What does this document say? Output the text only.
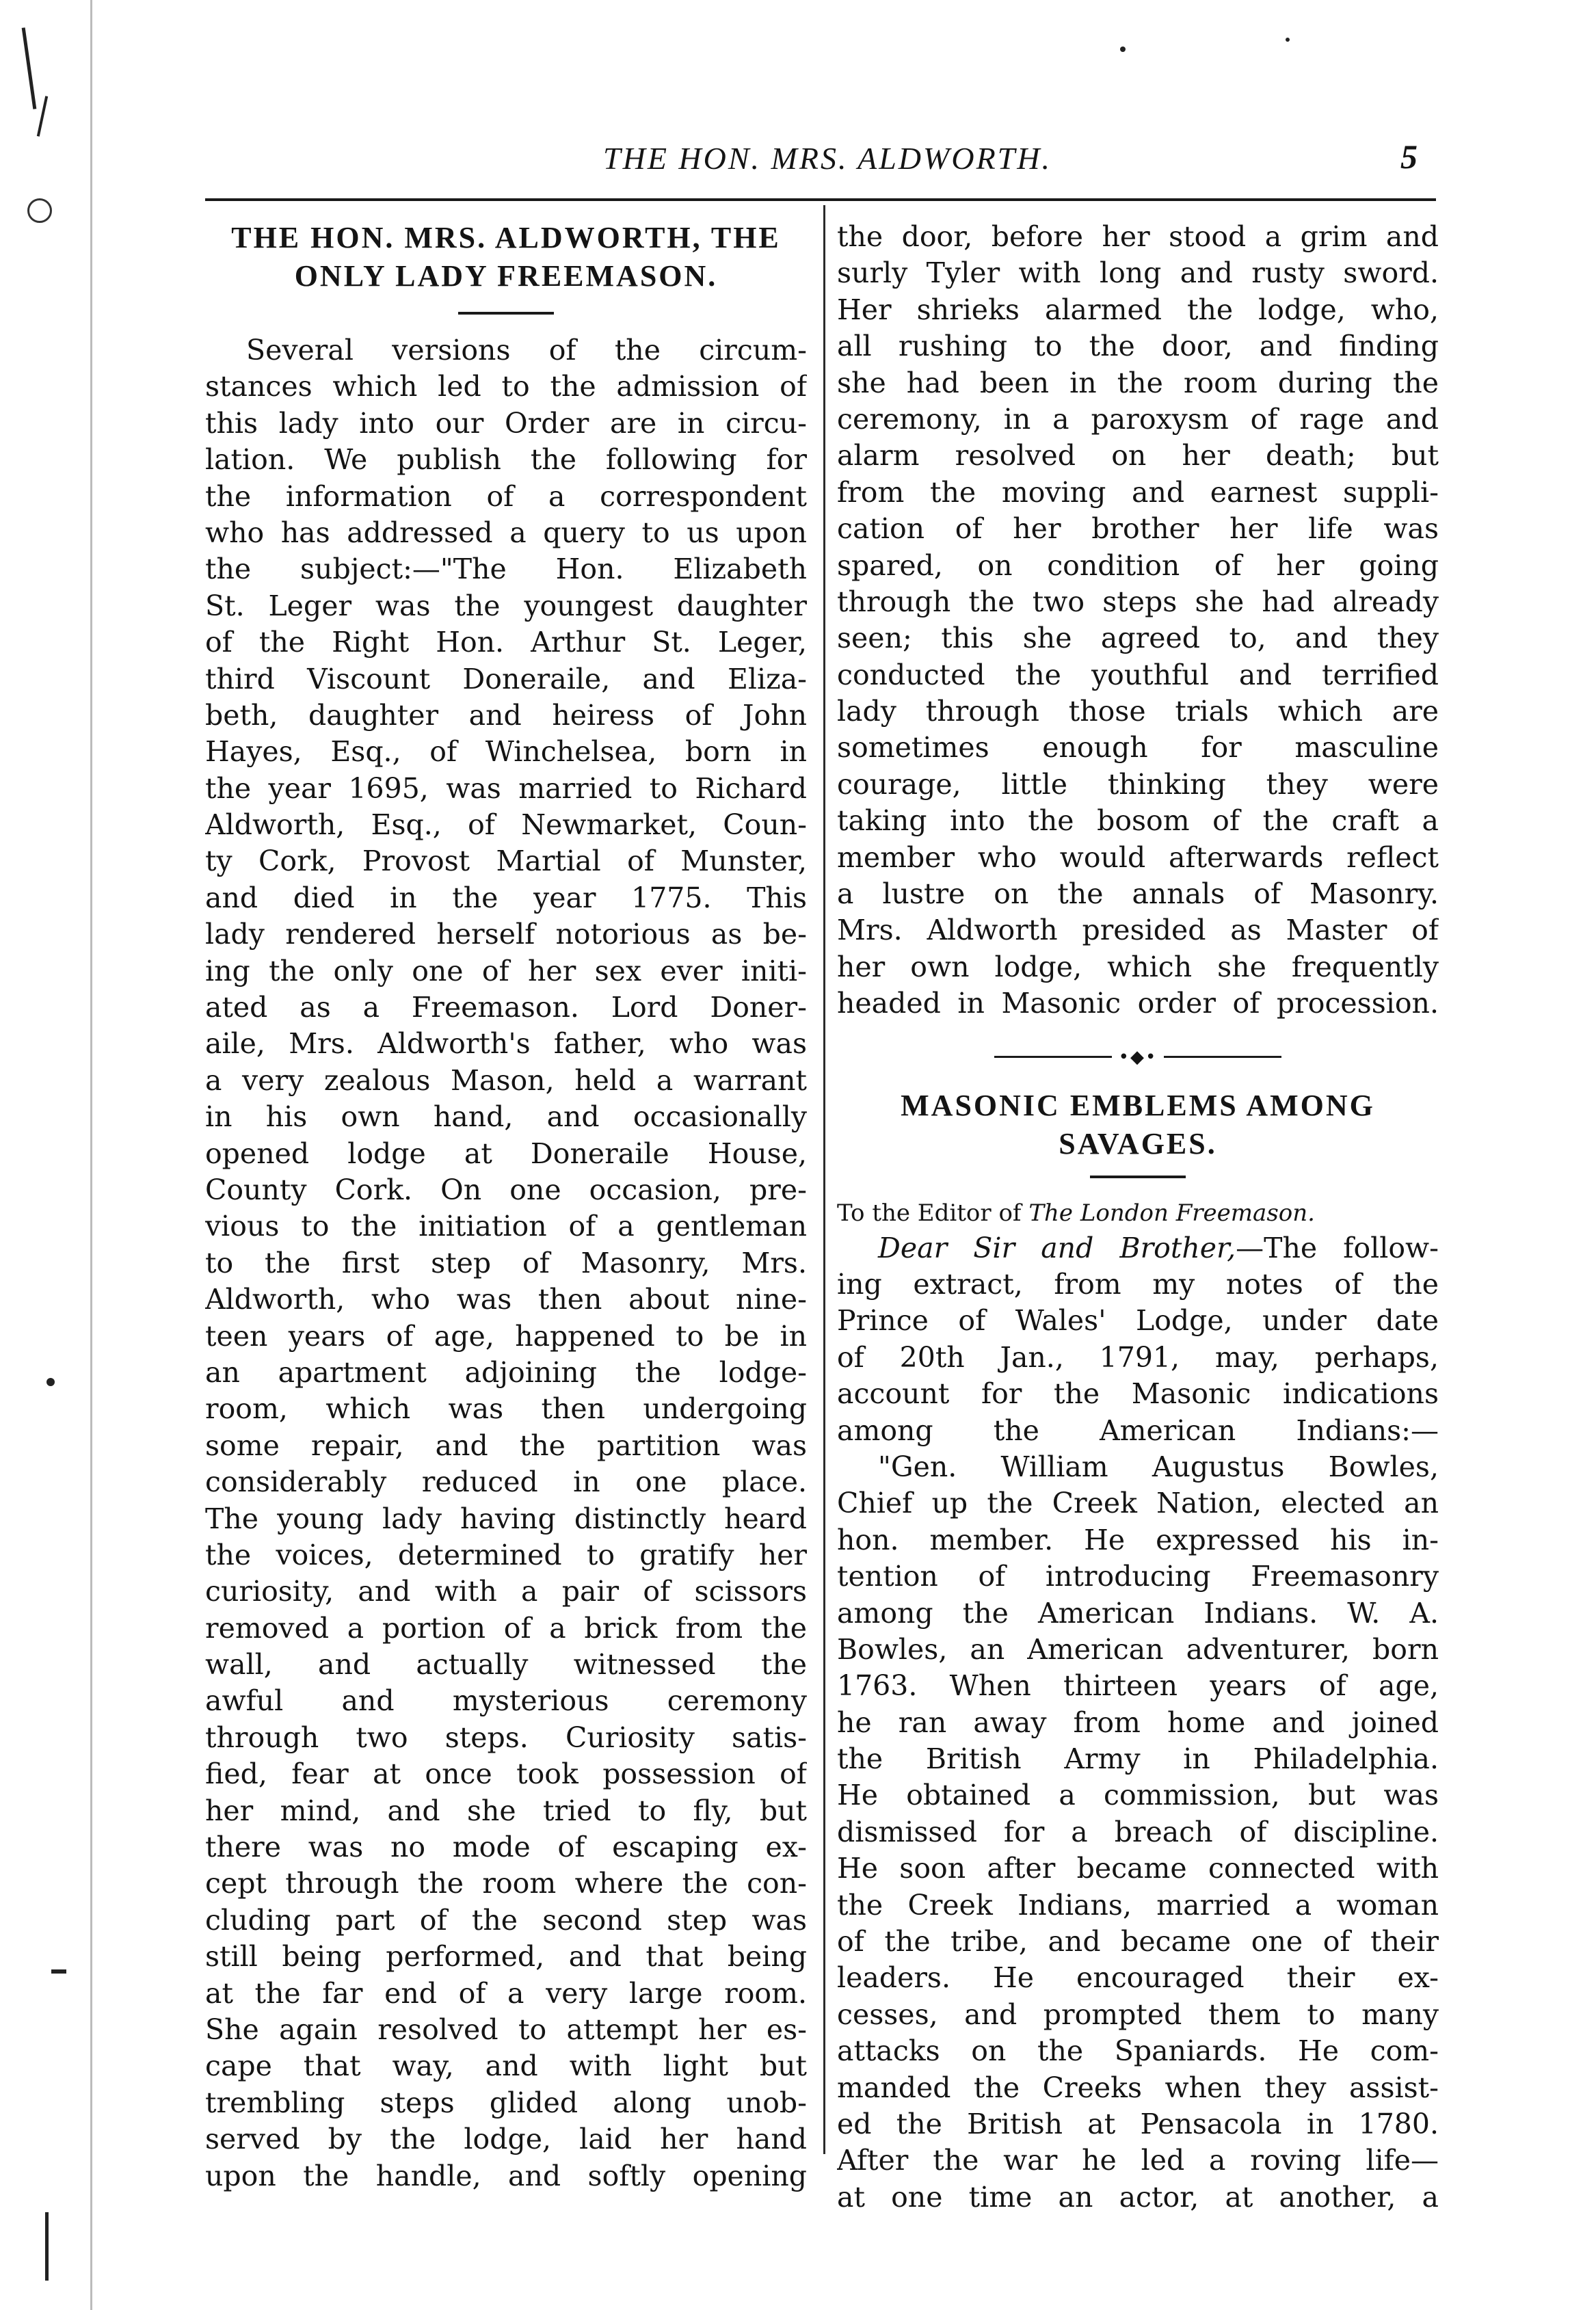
THE HON. MRS. ALDWORTH.	5
THE HON. MRS. ALDWORTH, THE
ONLY LADY FREEMASON.
Several versions of the circum-
stances which led to the admission of
this lady into our Order are in circu-
lation. We publish the following for
the information of a correspondent
who has addressed a query to us upon
the subject:—"The Hon. Elizabeth
St. Leger was the youngest daughter
of the Right Hon. Arthur St. Leger,
third Viscount Doneraile, and Eliza-
beth, daughter and heiress of John
Hayes, Esq., of Winchelsea, born in
the year 1695, was married to Richard
Aldworth, Esq., of Newmarket, Coun-
ty Cork, Provost Martial of Munster,
and died in the year 1775. This
lady rendered herself notorious as be-
ing the only one of her sex ever initi-
ated as a Freemason. Lord Doner-
aile, Mrs. Aldworth's father, who was
a very zealous Mason, held a warrant
in his own hand, and occasionally
opened lodge at Doneraile House,
County Cork. On one occasion, pre-
vious to the initiation of a gentleman
to the first step of Masonry, Mrs.
Aldworth, who was then about nine-
teen years of age, happened to be in
an apartment adjoining the lodge-
room, which was then undergoing
some repair, and the partition was
considerably reduced in one place.
The young lady having distinctly heard
the voices, determined to gratify her
curiosity, and with a pair of scissors
removed a portion of a brick from the
wall, and actually witnessed the
awful and mysterious ceremony
through two steps. Curiosity satis-
fied, fear at once took possession of
her mind, and she tried to fly, but
there was no mode of escaping ex-
cept through the room where the con-
cluding part of the second step was
still being performed, and that being
at the far end of a very large room.
She again resolved to attempt her es-
cape that way, and with light but
trembling steps glided along unob-
served by the lodge, laid her hand
upon the handle, and softly opening
the door, before her stood a grim and
surly Tyler with long and rusty sword.
Her shrieks alarmed the lodge, who,
all rushing to the door, and finding
she had been in the room during the
ceremony, in a paroxysm of rage and
alarm resolved on her death; but
from the moving and earnest suppli-
cation of her brother her life was
spared, on condition of her going
through the two steps she had already
seen; this she agreed to, and they
conducted the youthful and terrified
lady through those trials which are
sometimes enough for masculine
courage, little thinking they were
taking into the bosom of the craft a
member who would afterwards reflect
a lustre on the annals of Masonry.
Mrs. Aldworth presided as Master of
her own lodge, which she frequently
headed in Masonic order of procession.
•◆•
MASONIC EMBLEMS AMONG
SAVAGES.
To the Editor of The London Freemason.
Dear Sir and Brother,—The follow-
ing extract, from my notes of the
Prince of Wales' Lodge, under date
of 20th Jan., 1791, may, perhaps,
account for the Masonic indications
among the American Indians:—
"Gen. William Augustus Bowles,
Chief up the Creek Nation, elected an
hon. member. He expressed his in-
tention of introducing Freemasonry
among the American Indians. W. A.
Bowles, an American adventurer, born
1763. When thirteen years of age,
he ran away from home and joined
the British Army in Philadelphia.
He obtained a commission, but was
dismissed for a breach of discipline.
He soon after became connected with
the Creek Indians, married a woman
of the tribe, and became one of their
leaders. He encouraged their ex-
cesses, and prompted them to many
attacks on the Spaniards. He com-
manded the Creeks when they assist-
ed the British at Pensacola in 1780.
After the war he led a roving life—
at one time an actor, at another, a
